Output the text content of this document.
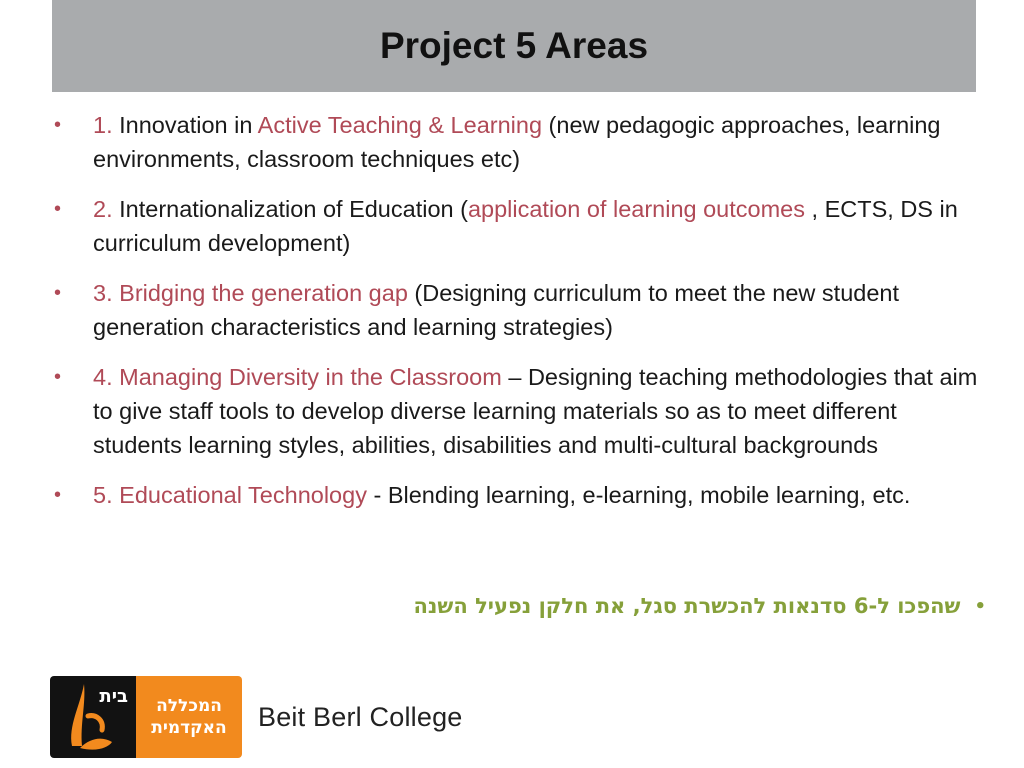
Project 5 Areas
• 1. Innovation in Active Teaching & Learning (new pedagogic approaches, learning environments, classroom techniques etc)
• 2. Internationalization of Education (application of learning outcomes , ECTS, DS in curriculum development)
• 3. Bridging the generation gap (Designing curriculum to meet the new student generation characteristics and learning strategies)
• 4. Managing Diversity in the Classroom – Designing teaching methodologies that aim to give staff tools to develop diverse learning materials so as to meet different students learning styles, abilities, disabilities and multi-cultural backgrounds
• 5. Educational Technology - Blending learning, e-learning, mobile learning, etc.
•
שהפכו ל-6 סדנאות להכשרת סגל, את חלקן נפעיל השנה
בית המכללה
האקדמית Beit Berl College
